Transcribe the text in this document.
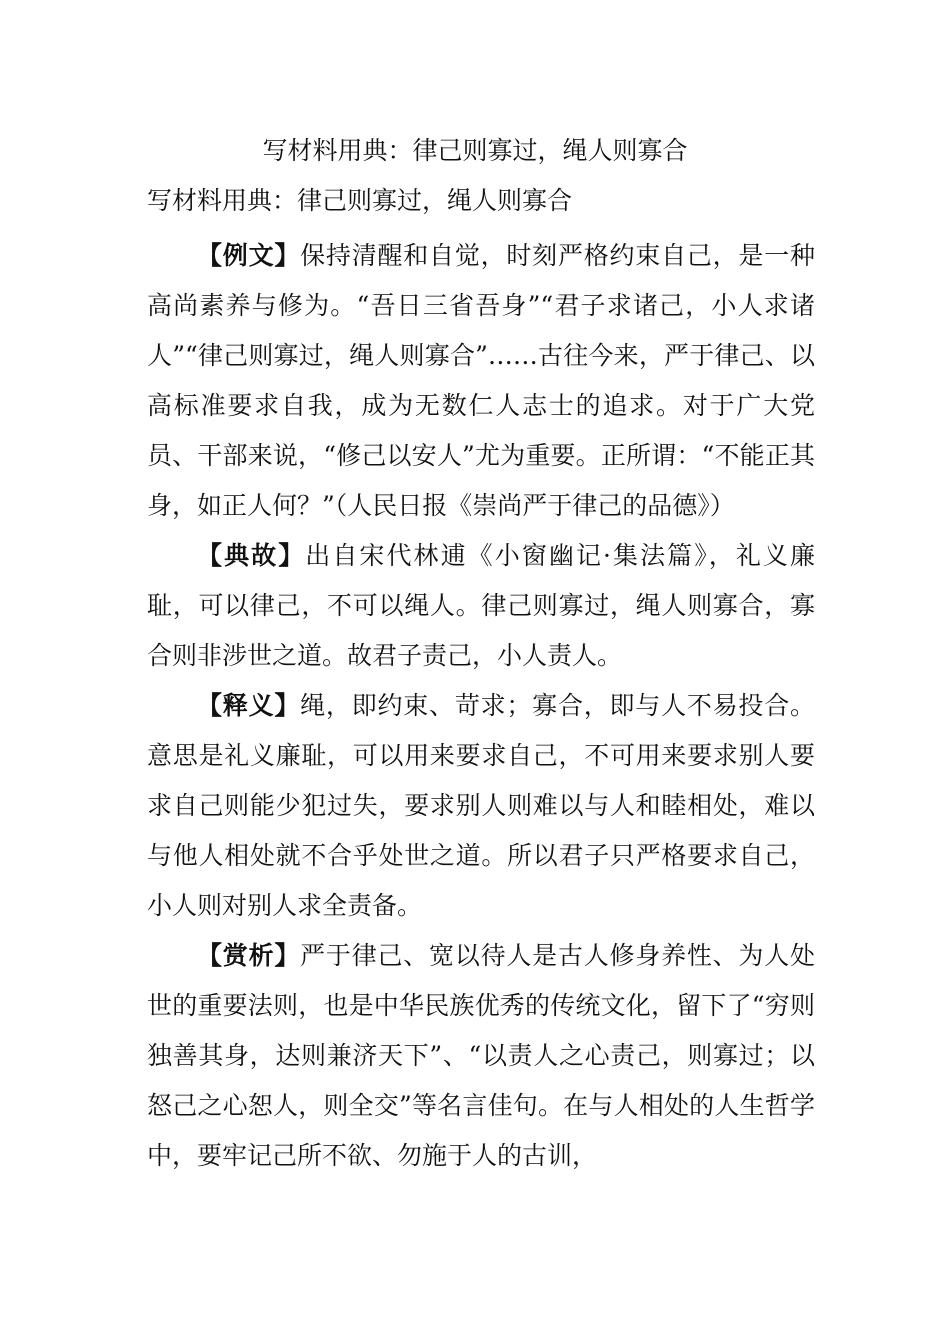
写材料用典：律己则寡过，绳人则寡合
写材料用典：律己则寡过，绳人则寡合

【例文】保持清醒和自觉，时刻严格约束自己，是一种高尚素养与修为。“吾日三省吾身”“君子求诸己，小人求诸人”“律己则寡过，绳人则寡合”……古往今来，严于律己、以高标准要求自我，成为无数仁人志士的追求。对于广大党员、干部来说，“修己以安人”尤为重要。正所谓：“不能正其身，如正人何？”（人民日报《崇尚严于律己的品德》）

【典故】出自宋代林逋《小窗幽记·集法篇》，礼义廉耻，可以律己，不可以绳人。律己则寡过，绳人则寡合，寡合则非涉世之道。故君子责己，小人责人。

【释义】绳，即约束、苛求；寡合，即与人不易投合。意思是礼义廉耻，可以用来要求自己，不可用来要求别人要求自己则能少犯过失，要求别人则难以与人和睦相处，难以与他人相处就不合乎处世之道。所以君子只严格要求自己，小人则对别人求全责备。

【赏析】严于律己、宽以待人是古人修身养性、为人处世的重要法则，也是中华民族优秀的传统文化，留下了“穷则独善其身，达则兼济天下”、“以责人之心责己，则寡过；以怒己之心恕人，则全交”等名言佳句。在与人相处的人生哲学中，要牢记己所不欲、勿施于人的古训，
